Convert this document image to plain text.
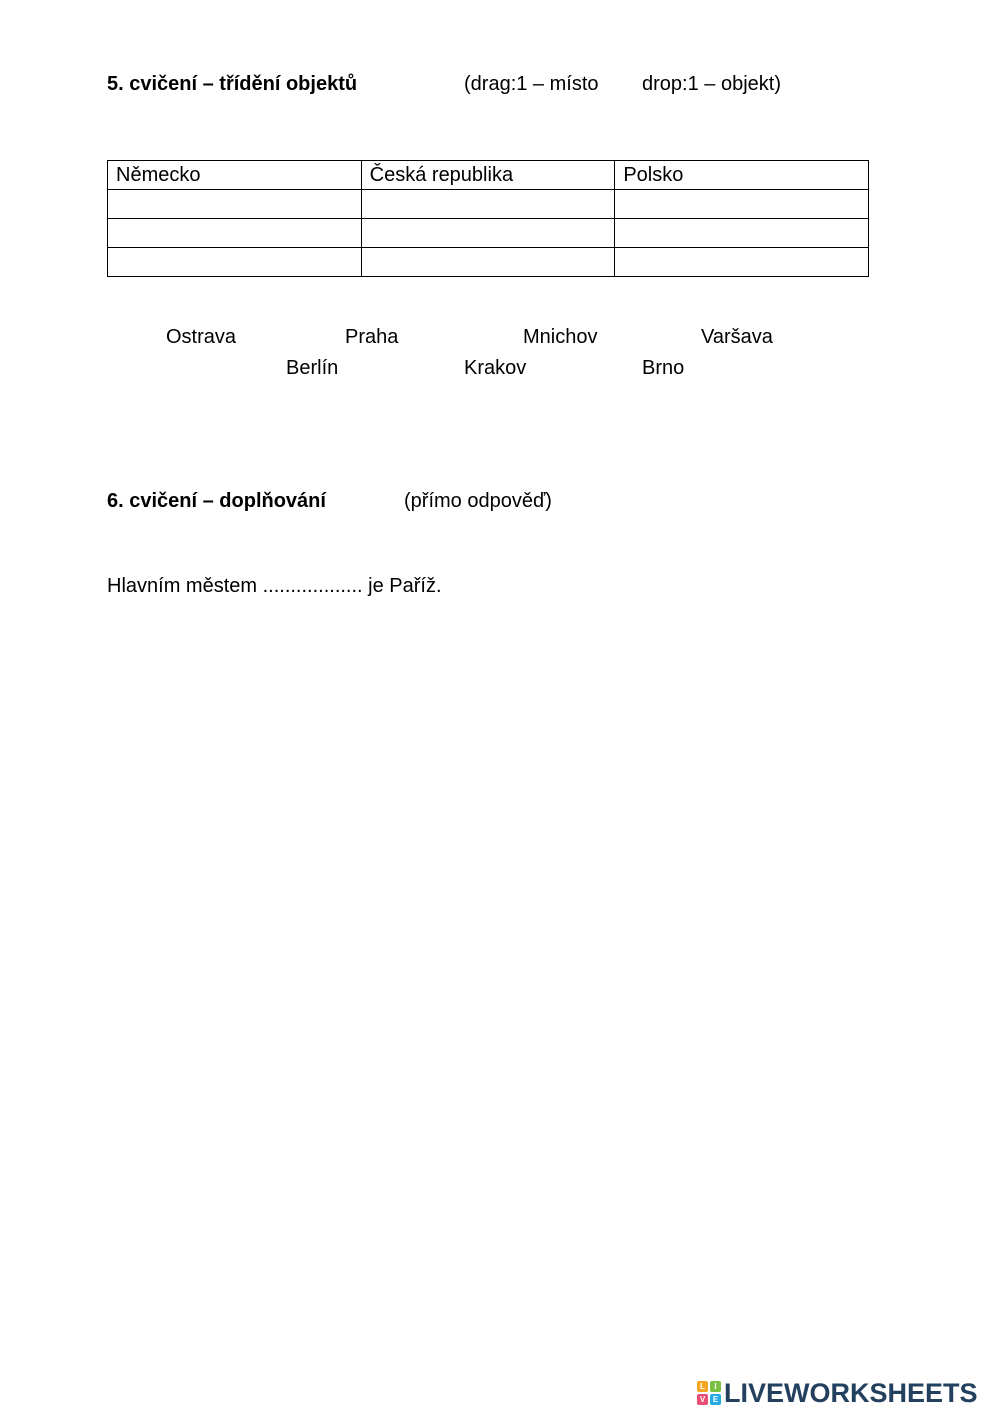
5. cvičení – třídění objektů	(drag:1 – místo drop:1 – objekt)
Německo	Česká republika	Polsko

Ostrava	Praha	Mnichov	Varšava
Berlín	Krakov	Brno
6. cvičení – doplňování	(přímo odpověď)
Hlavním městem .................. je Paříž.
L	I
V E LIVEWORKSHEETS
